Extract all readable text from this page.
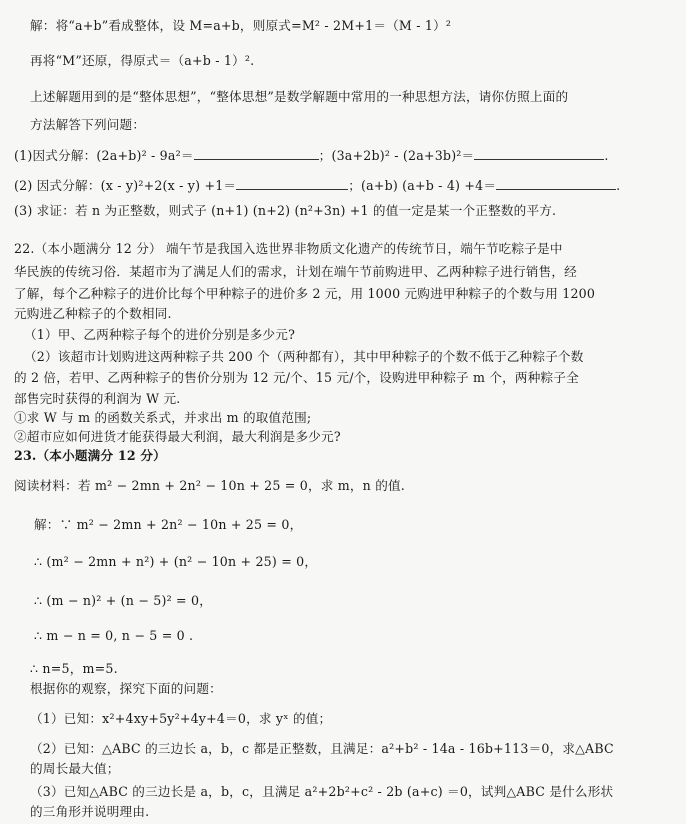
解：将“a+b”看成整体，设 M=a+b，则原式=M² - 2M+1＝（M - 1）²
再将“M”还原，得原式＝（a+b - 1）².
上述解题用到的是“整体思想”，“整体思想”是数学解题中常用的一种思想方法，请你仿照上面的
方法解答下列问题：
(1)因式分解：(2a+b)² - 9a²＝	；(3a+2b)² - (2a+3b)²＝	.
(2) 因式分解：(x - y)²+2(x - y) +1＝	；(a+b) (a+b - 4) +4＝	.
(3) 求证：若 n 为正整数，则式子 (n+1) (n+2) (n²+3n) +1 的值一定是某一个正整数的平方.
22.（本小题满分 12 分） 端午节是我国入选世界非物质文化遗产的传统节日，端午节吃粽子是中
华民族的传统习俗．某超市为了满足人们的需求，计划在端午节前购进甲、乙两种粽子进行销售，经
了解，每个乙种粽子的进价比每个甲种粽子的进价多 2 元，用 1000 元购进甲种粽子的个数与用 1200
元购进乙种粽子的个数相同.
（1）甲、乙两种粽子每个的进价分别是多少元?
（2）该超市计划购进这两种粽子共 200 个（两种都有），其中甲种粽子的个数不低于乙种粽子个数
的 2 倍，若甲、乙两种粽子的售价分别为 12 元/个、15 元/个，设购进甲种粽子 m 个，两种粽子全
部售完时获得的利润为 W 元.
①求 W 与 m 的函数关系式，并求出 m 的取值范围;
②超市应如何进货才能获得最大利润，最大利润是多少元?
23.（本小题满分 12 分）
阅读材料：若 m² − 2mn + 2n² − 10n + 25 = 0，求 m，n 的值.
解：∵ m² − 2mn + 2n² − 10n + 25 = 0，
∴ (m² − 2mn + n²) + (n² − 10n + 25) = 0，
∴ (m − n)² + (n − 5)² = 0，
∴ m − n = 0, n − 5 = 0 .
∴ n=5，m=5.
根据你的观察，探究下面的问题：
（1）已知：x²+4xy+5y²+4y+4＝0，求 yˣ 的值；
（2）已知：△ABC 的三边长 a，b，c 都是正整数，且满足：a²+b² - 14a - 16b+113＝0，求△ABC
的周长最大值；
（3）已知△ABC 的三边长是 a，b，c，且满足 a²+2b²+c² - 2b (a+c) ＝0，试判△ABC 是什么形状
的三角形并说明理由.
